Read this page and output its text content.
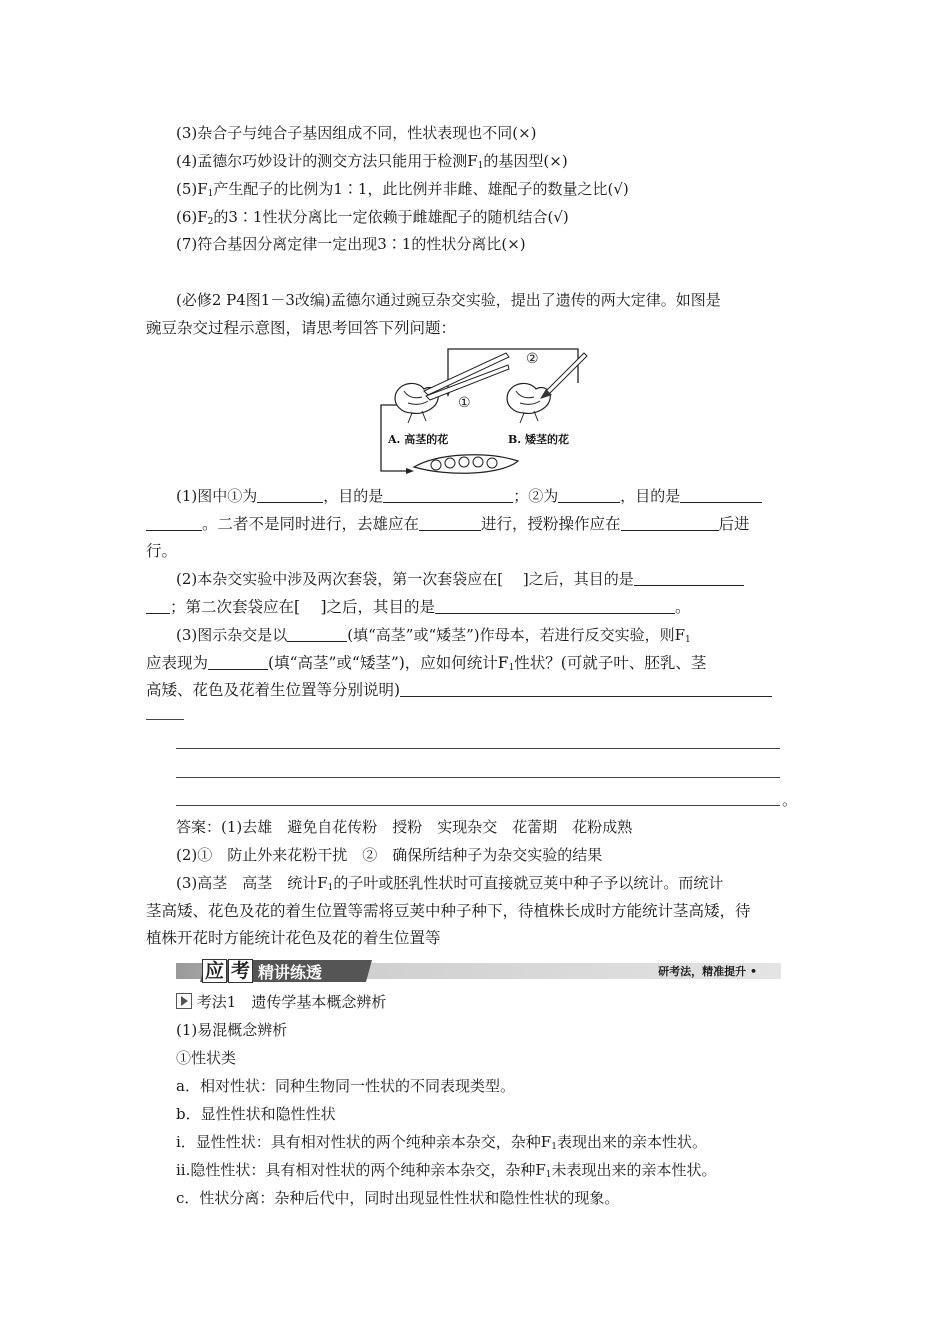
(3)杂合子与纯合子基因组成不同，性状表现也不同(×)
(4)孟德尔巧妙设计的测交方法只能用于检测$F_1$的基因型(×)
$(5)F_1$产生配子的比例为1∶1，此比例并非雌、雄配子的数量之比(√)
$(6)F_2$的3∶1性状分离比一定依赖于雌雄配子的随机结合(√)
(7)符合基因分离定律一定出现3∶1的性状分离比(×)
(必修2 P4图1－3改编)孟德尔通过豌豆杂交实验，提出了遗传的两大定律。如图是
豌豆杂交过程示意图，请思考回答下列问题：
①
②
A. 高茎的花	B. 矮茎的花
(1)图中①为	，目的是	；②为	，目的是
。二者不是同时进行，去雄应在	进行，授粉操作应在	后进
行。
(2)本杂交实验中涉及两次套袋，第一次套袋应在[　 ]之后，其目的是
；第二次套袋应在[　 ]之后，其目的是	。
(3)图示杂交是以	(填“高茎”或“矮茎”)作母本，若进行反交实验，则$F_1$
应表现为	(填“高茎”或“矮茎”)，应如何统计$F_1$性状？(可就子叶、胚乳、茎
高矮、花色及花着生位置等分别说明)
。
答案：(1)去雄　避免自花传粉　授粉　实现杂交　花蕾期　花粉成熟
(2)①　防止外来花粉干扰　②　确保所结种子为杂交实验的结果
(3)高茎　高茎　统计$F_1$的子叶或胚乳性状时可直接就豆荚中种子予以统计。而统计
茎高矮、花色及花的着生位置等需将豆荚中种子种下，待植株长成时方能统计茎高矮，待
植株开花时方能统计花色及花的着生位置等
应 考 精讲练透	研考法，精准提升 •
考法1　遗传学基本概念辨析
(1)易混概念辨析
①性状类
a．相对性状：同种生物同一性状的不同表现类型。
b．显性性状和隐性性状
i．显性性状：具有相对性状的两个纯种亲本杂交，杂种$F_1$表现出来的亲本性状。
ii.隐性性状：具有相对性状的两个纯种亲本杂交，杂种$F_1$未表现出来的亲本性状。
c．性状分离：杂种后代中，同时出现显性性状和隐性性状的现象。
